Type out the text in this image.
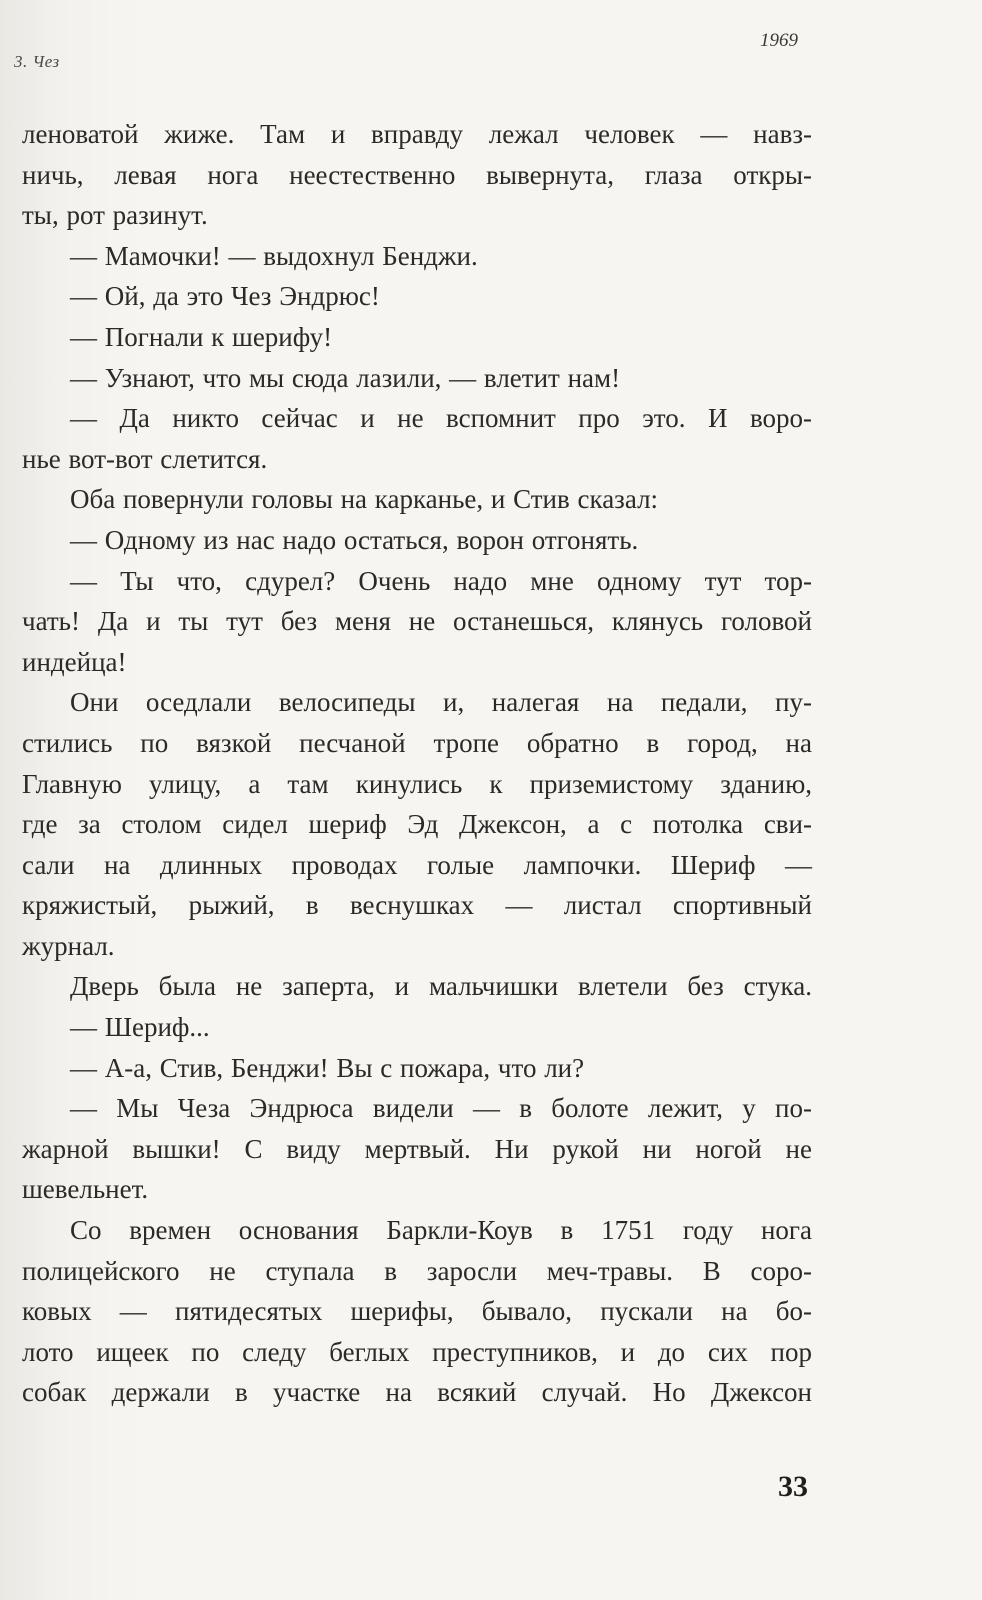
3. Чез
1969
леноватой жиже. Там и вправду лежал человек — навз-
ничь, левая нога неестественно вывернута, глаза откры-
ты, рот разинут.
— Мамочки! — выдохнул Бенджи.
— Ой, да это Чез Эндрюс!
— Погнали к шерифу!
— Узнают, что мы сюда лазили, — влетит нам!
— Да никто сейчас и не вспомнит про это. И воро-
нье вот-вот слетится.
Оба повернули головы на карканье, и Стив сказал:
— Одному из нас надо остаться, ворон отгонять.
— Ты что, сдурел? Очень надо мне одному тут тор-
чать! Да и ты тут без меня не останешься, клянусь головой
индейца!
Они оседлали велосипеды и, налегая на педали, пу-
стились по вязкой песчаной тропе обратно в город, на
Главную улицу, а там кинулись к приземистому зданию,
где за столом сидел шериф Эд Джексон, а с потолка сви-
сали на длинных проводах голые лампочки. Шериф —
кряжистый, рыжий, в веснушках — листал спортивный
журнал.
Дверь была не заперта, и мальчишки влетели без стука.
— Шериф...
— А-а, Стив, Бенджи! Вы с пожара, что ли?
— Мы Чеза Эндрюса видели — в болоте лежит, у по-
жарной вышки! С виду мертвый. Ни рукой ни ногой не
шевельнет.
Со времен основания Баркли-Коув в 1751 году нога
полицейского не ступала в заросли меч-травы. В соро-
ковых — пятидесятых шерифы, бывало, пускали на бо-
лото ищеек по следу беглых преступников, и до сих пор
собак держали в участке на всякий случай. Но Джексон
33
